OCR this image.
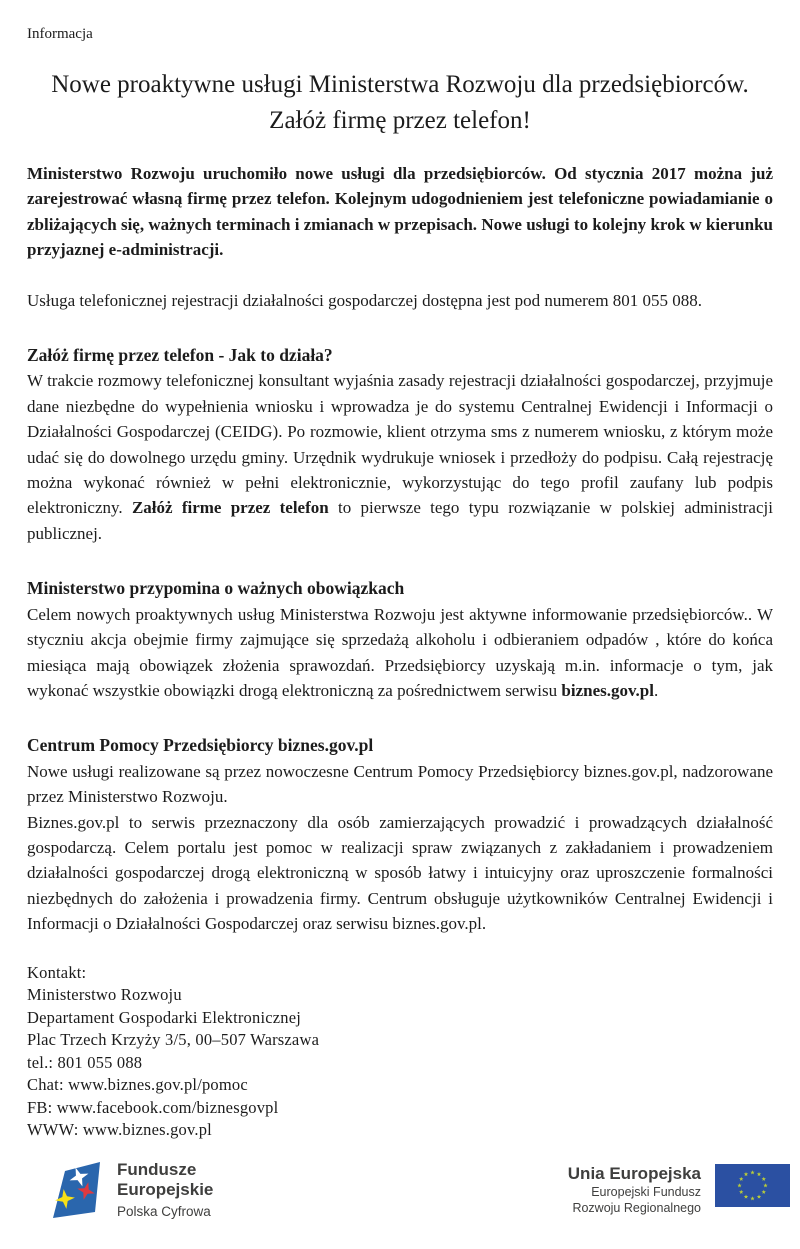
Informacja
Nowe proaktywne usługi Ministerstwa Rozwoju dla przedsiębiorców.
Załóż firmę przez telefon!

Ministerstwo Rozwoju uruchomiło nowe usługi dla przedsiębiorców. Od stycznia 2017 można już zarejestrować własną firmę przez telefon. Kolejnym udogodnieniem jest telefoniczne powiadamianie o zbliżających się, ważnych terminach i zmianach w przepisach. Nowe usługi to kolejny krok w kierunku przyjaznej e-administracji.

Usługa telefonicznej rejestracji działalności gospodarczej dostępna jest pod numerem 801 055 088.

Załóż firmę przez telefon - Jak to działa?

W trakcie rozmowy telefonicznej konsultant wyjaśnia zasady rejestracji działalności gospodarczej, przyjmuje dane niezbędne do wypełnienia wniosku i wprowadza je do systemu Centralnej Ewidencji i Informacji o Działalności Gospodarczej (CEIDG). Po rozmowie, klient otrzyma sms z numerem wniosku, z którym może udać się do dowolnego urzędu gminy. Urzędnik wydrukuje wniosek i przedłoży do podpisu. Całą rejestrację można wykonać również w pełni elektronicznie, wykorzystując do tego profil zaufany lub podpis elektroniczny. Załóż firme przez telefon to pierwsze tego typu rozwiązanie w polskiej administracji publicznej.

Ministerstwo przypomina o ważnych obowiązkach

Celem nowych proaktywnych usług Ministerstwa Rozwoju jest aktywne informowanie przedsiębiorców.. W styczniu akcja obejmie firmy zajmujące się sprzedażą alkoholu i odbieraniem odpadów , które do końca miesiąca mają obowiązek złożenia sprawozdań. Przedsiębiorcy uzyskają m.in. informacje o tym, jak wykonać wszystkie obowiązki drogą elektroniczną za pośrednictwem serwisu biznes.gov.pl.

Centrum Pomocy Przedsiębiorcy biznes.gov.pl

Nowe usługi realizowane są przez nowoczesne Centrum Pomocy Przedsiębiorcy biznes.gov.pl, nadzorowane przez Ministerstwo Rozwoju.

Biznes.gov.pl to serwis przeznaczony dla osób zamierzających prowadzić i prowadzących działalność gospodarczą. Celem portalu jest pomoc w realizacji spraw związanych z zakładaniem i prowadzeniem działalności gospodarczej drogą elektroniczną w sposób łatwy i intuicyjny oraz uproszczenie formalności niezbędnych do założenia i prowadzenia firmy. Centrum obsługuje użytkowników Centralnej Ewidencji i Informacji o Działalności Gospodarczej oraz serwisu biznes.gov.pl.

Kontakt:
Ministerstwo Rozwoju
Departament Gospodarki Elektronicznej
Plac Trzech Krzyży 3/5, 00–507 Warszawa
tel.: 801 055 088
Chat: www.biznes.gov.pl/pomoc
FB: www.facebook.com/biznesgovpl
WWW: www.biznes.gov.pl
Fundusze
Europejskie
Polska Cyfrowa
Unia Europejska
Europejski Fundusz
Rozwoju Regionalnego
